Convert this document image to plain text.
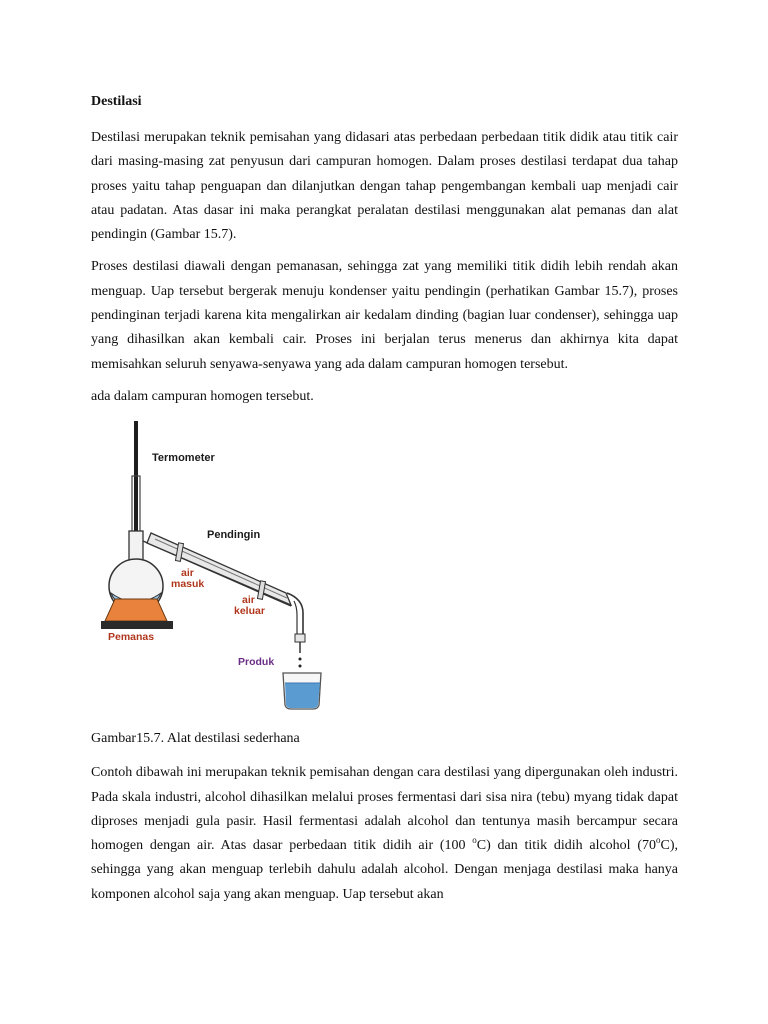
Destilasi

Destilasi merupakan teknik pemisahan yang didasari atas perbedaan perbedaan titik didik atau titik cair dari masing-masing zat penyusun dari campuran homogen. Dalam proses destilasi terdapat dua tahap proses yaitu tahap penguapan dan dilanjutkan dengan tahap pengembangan kembali uap menjadi cair atau padatan. Atas dasar ini maka perangkat peralatan destilasi menggunakan alat pemanas dan alat pendingin (Gambar 15.7).

Proses destilasi diawali dengan pemanasan, sehingga zat yang memiliki titik didih lebih rendah akan menguap. Uap tersebut bergerak menuju kondenser yaitu pendingin (perhatikan Gambar 15.7), proses pendinginan terjadi karena kita mengalirkan air kedalam dinding (bagian luar condenser), sehingga uap yang dihasilkan akan kembali cair. Proses ini berjalan terus menerus dan akhirnya kita dapat memisahkan seluruh senyawa-senyawa yang ada dalam campuran homogen tersebut.

ada dalam campuran homogen tersebut.

Termometer
Pendingin
air
masuk
air
keluar
Pemanas
Produk
Gambar15.7. Alat destilasi sederhana

Contoh dibawah ini merupakan teknik pemisahan dengan cara destilasi yang dipergunakan oleh industri. Pada skala industri, alcohol dihasilkan melalui proses fermentasi dari sisa nira (tebu) myang tidak dapat diproses menjadi gula pasir. Hasil fermentasi adalah alcohol dan tentunya masih bercampur secara homogen dengan air. Atas dasar perbedaan titik didih air (100 $^o$C) dan titik didih alcohol (70$^o$C), sehingga yang akan menguap terlebih dahulu adalah alcohol. Dengan menjaga destilasi maka hanya komponen alcohol saja yang akan menguap. Uap tersebut akan
